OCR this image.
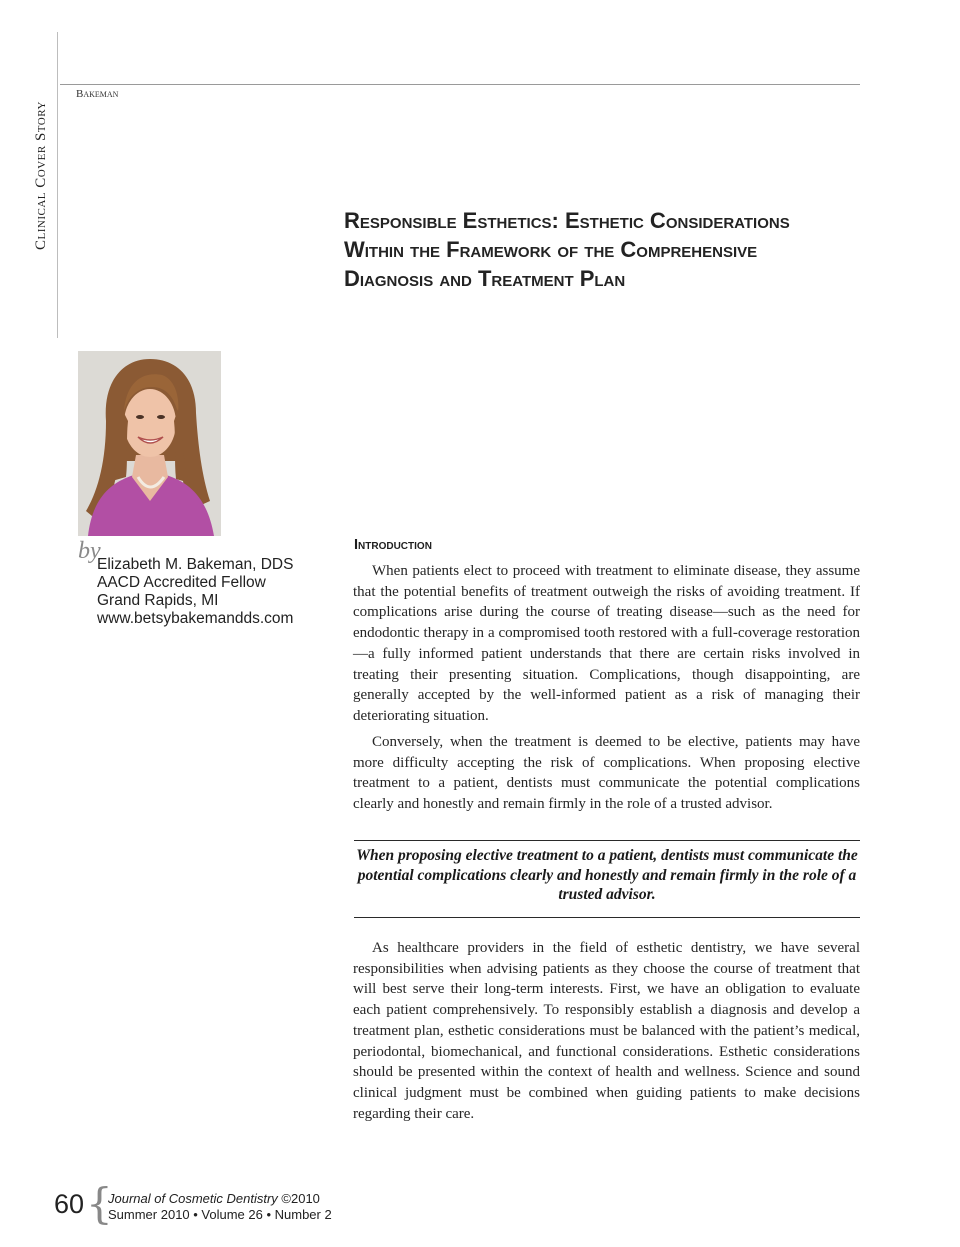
Clinical Cover Story
Bakeman
Responsible Esthetics: Esthetic Considerations
Within the Framework of the Comprehensive
Diagnosis and Treatment Plan
by
Elizabeth M. Bakeman, DDS
AACD Accredited Fellow
Grand Rapids, MI
www.betsybakemandds.com
Introduction

When patients elect to proceed with treatment to eliminate disease, they assume that the potential benefits of treatment outweigh the risks of avoiding treatment. If complications arise during the course of treating disease—such as the need for endodontic therapy in a compromised tooth restored with a full-coverage restoration—a fully informed patient understands that there are certain risks involved in treating their presenting situation. Complications, though disappointing, are generally accepted by the well-informed patient as a risk of managing their deteriorating situation.

Conversely, when the treatment is deemed to be elective, patients may have more difficulty accepting the risk of complications. When proposing elective treatment to a patient, dentists must communicate the potential complications clearly and honestly and remain firmly in the role of a trusted advisor.

When proposing elective treatment to a patient, dentists must communicate the potential complications clearly and honestly and remain firmly in the role of a trusted advisor.

As healthcare providers in the field of esthetic dentistry, we have several responsibilities when advising patients as they choose the course of treatment that will best serve their long-term interests. First, we have an obligation to evaluate each patient comprehensively. To responsibly establish a diagnosis and develop a treatment plan, esthetic considerations must be balanced with the patient’s medical, periodontal, biomechanical, and functional considerations. Esthetic considerations should be presented within the context of health and wellness. Science and sound clinical judgment must be combined when guiding patients to make decisions regarding their care.

60 {
Journal of Cosmetic Dentistry ©2010
Summer 2010 • Volume 26 • Number 2
